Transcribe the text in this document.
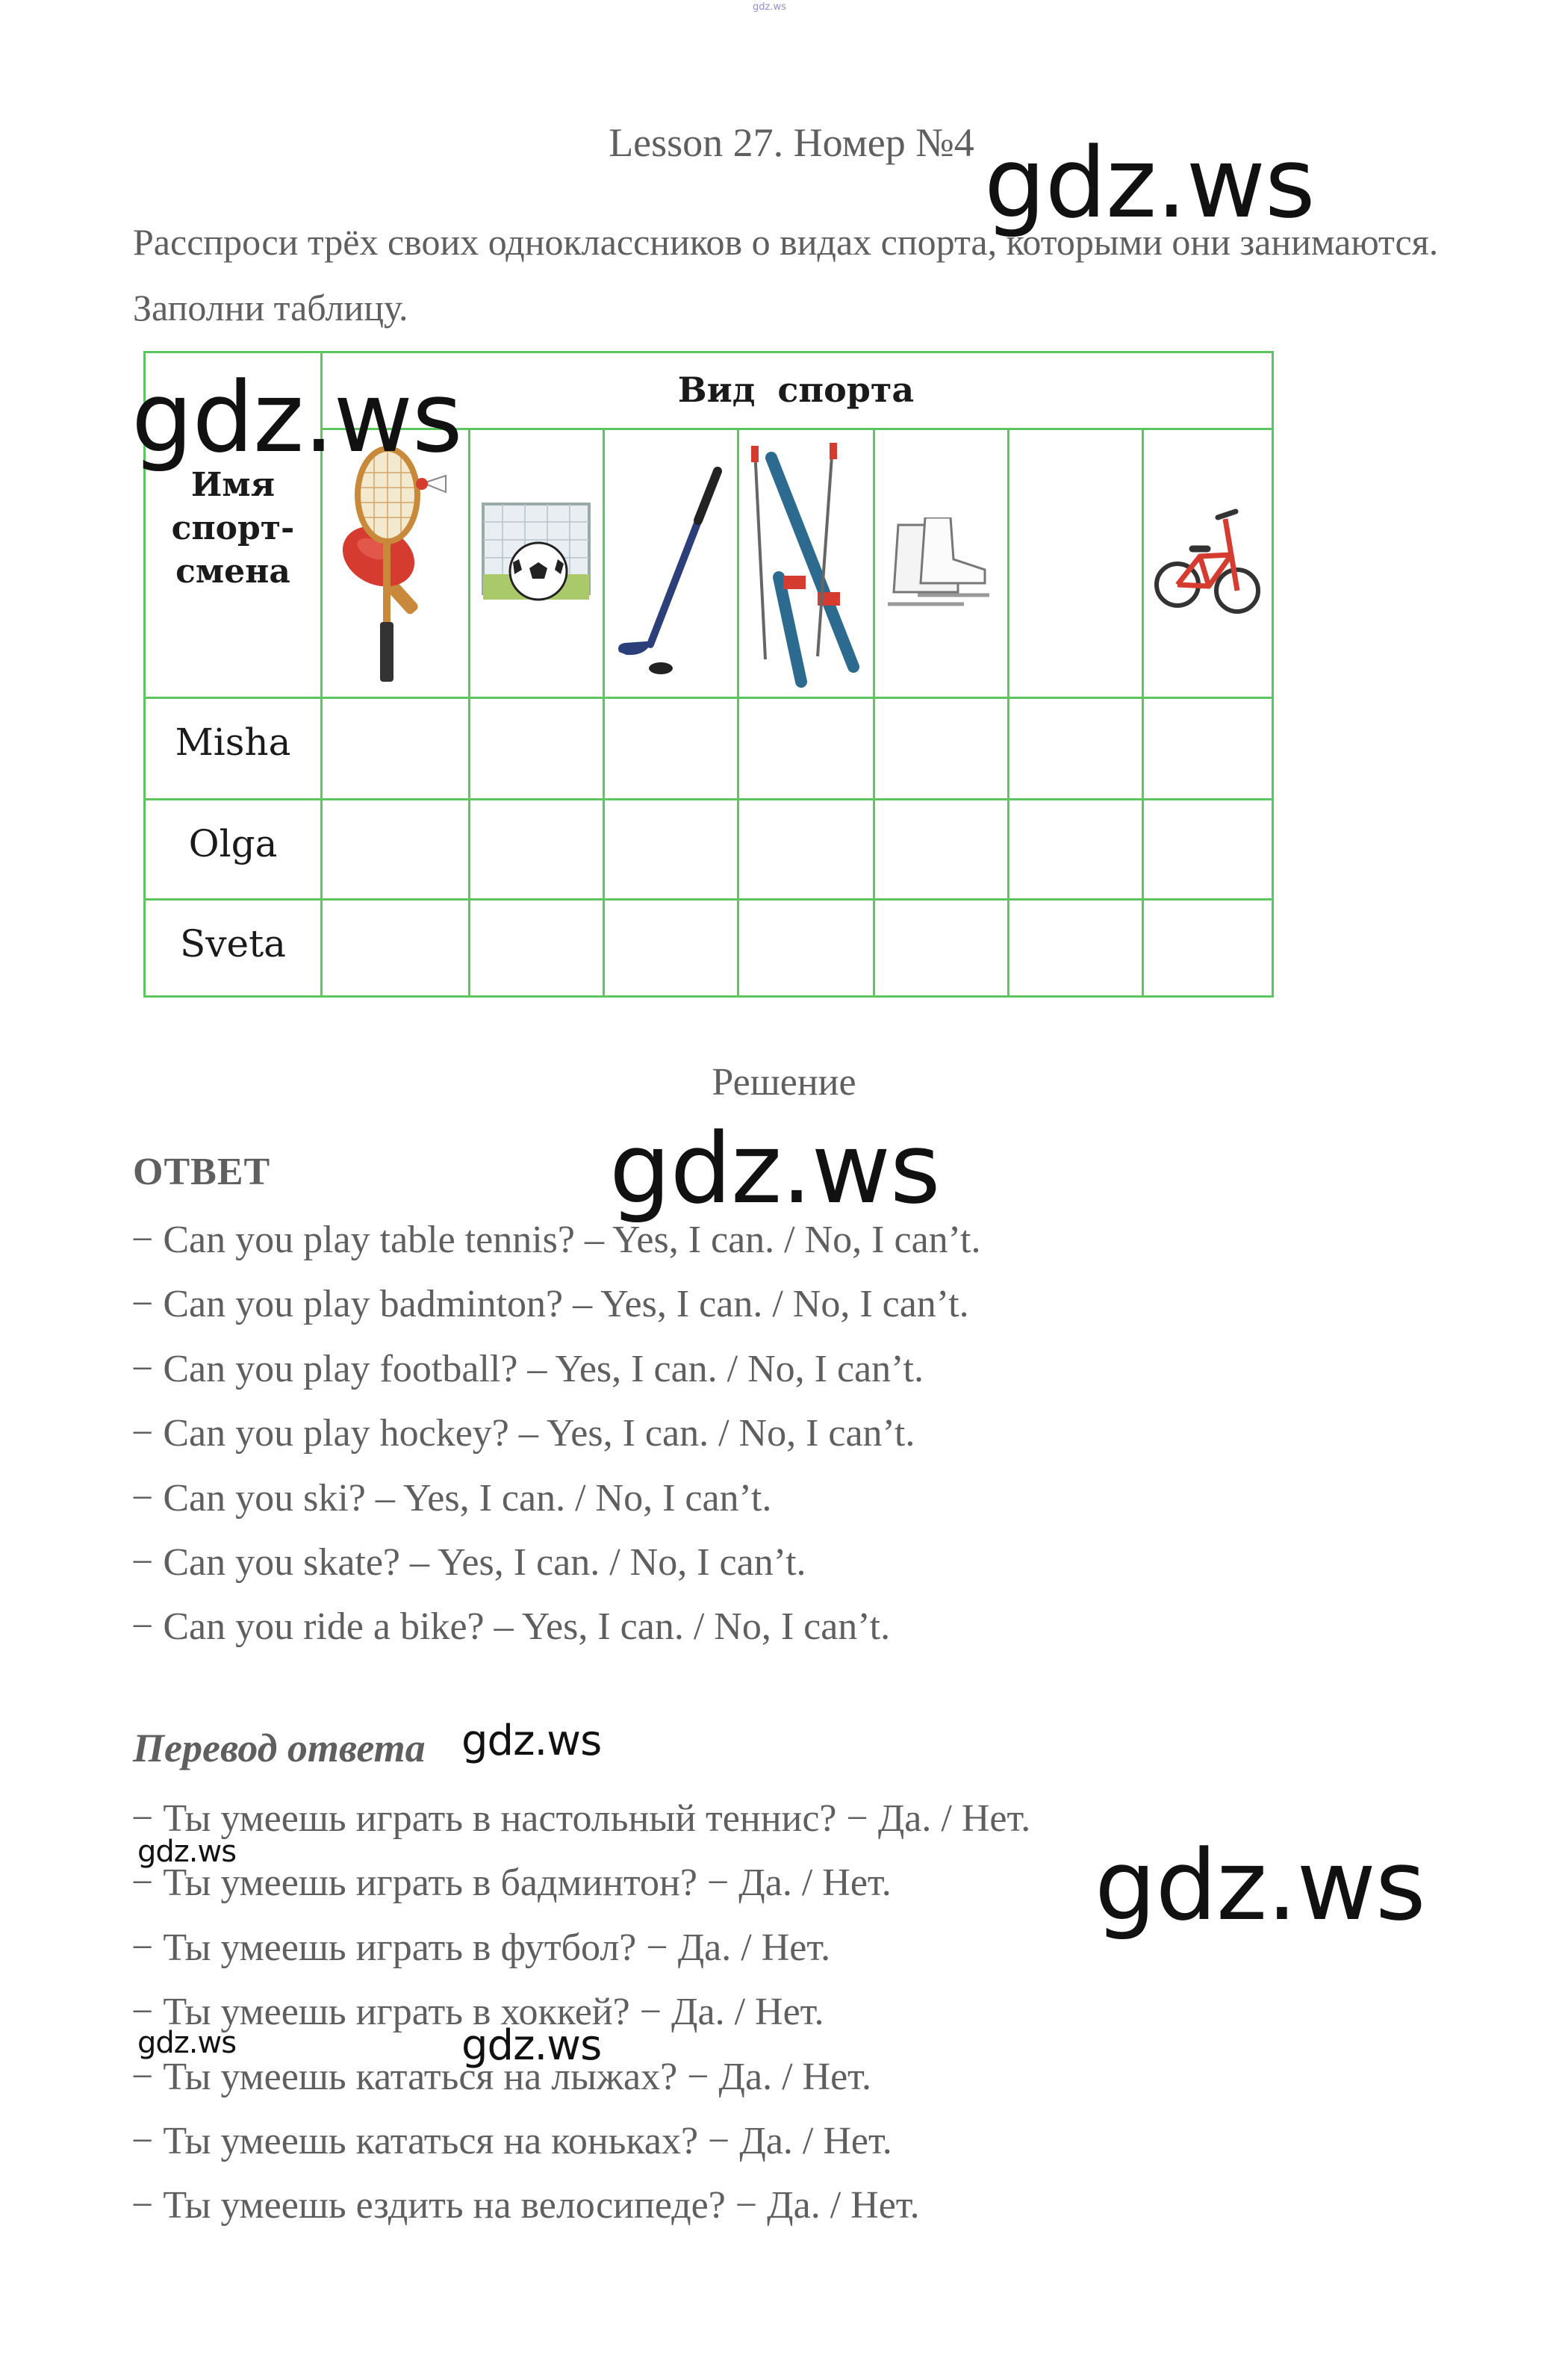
gdz.ws
Lesson 27. Номер №4
Расспроси трёх своих одноклассников о видах спорта, которыми они занимаются. Заполни таблицу.
Вид спорта
Имя
спорт-
смена
Misha
Olga
Sveta
Решение
ОТВЕТ
− Can you play table tennis? – Yes, I can. / No, I can’t.
− Can you play badminton? – Yes, I can. / No, I can’t.
− Can you play football? – Yes, I can. / No, I can’t.
− Can you play hockey? – Yes, I can. / No, I can’t.
− Can you ski? – Yes, I can. / No, I can’t.
− Can you skate? – Yes, I can. / No, I can’t.
− Can you ride a bike? – Yes, I can. / No, I can’t.
Перевод ответа
− Ты умеешь играть в настольный теннис? − Да. / Нет.
− Ты умеешь играть в бадминтон? − Да. / Нет.
− Ты умеешь играть в футбол? − Да. / Нет.
− Ты умеешь играть в хоккей? − Да. / Нет.
− Ты умеешь кататься на лыжах? − Да. / Нет.
− Ты умеешь кататься на коньках? − Да. / Нет.
− Ты умеешь ездить на велосипеде? − Да. / Нет.
gdz.ws
gdz.ws
gdz.ws
gdz.ws
gdz.ws	gdz.ws
gdz.ws	gdz.ws
